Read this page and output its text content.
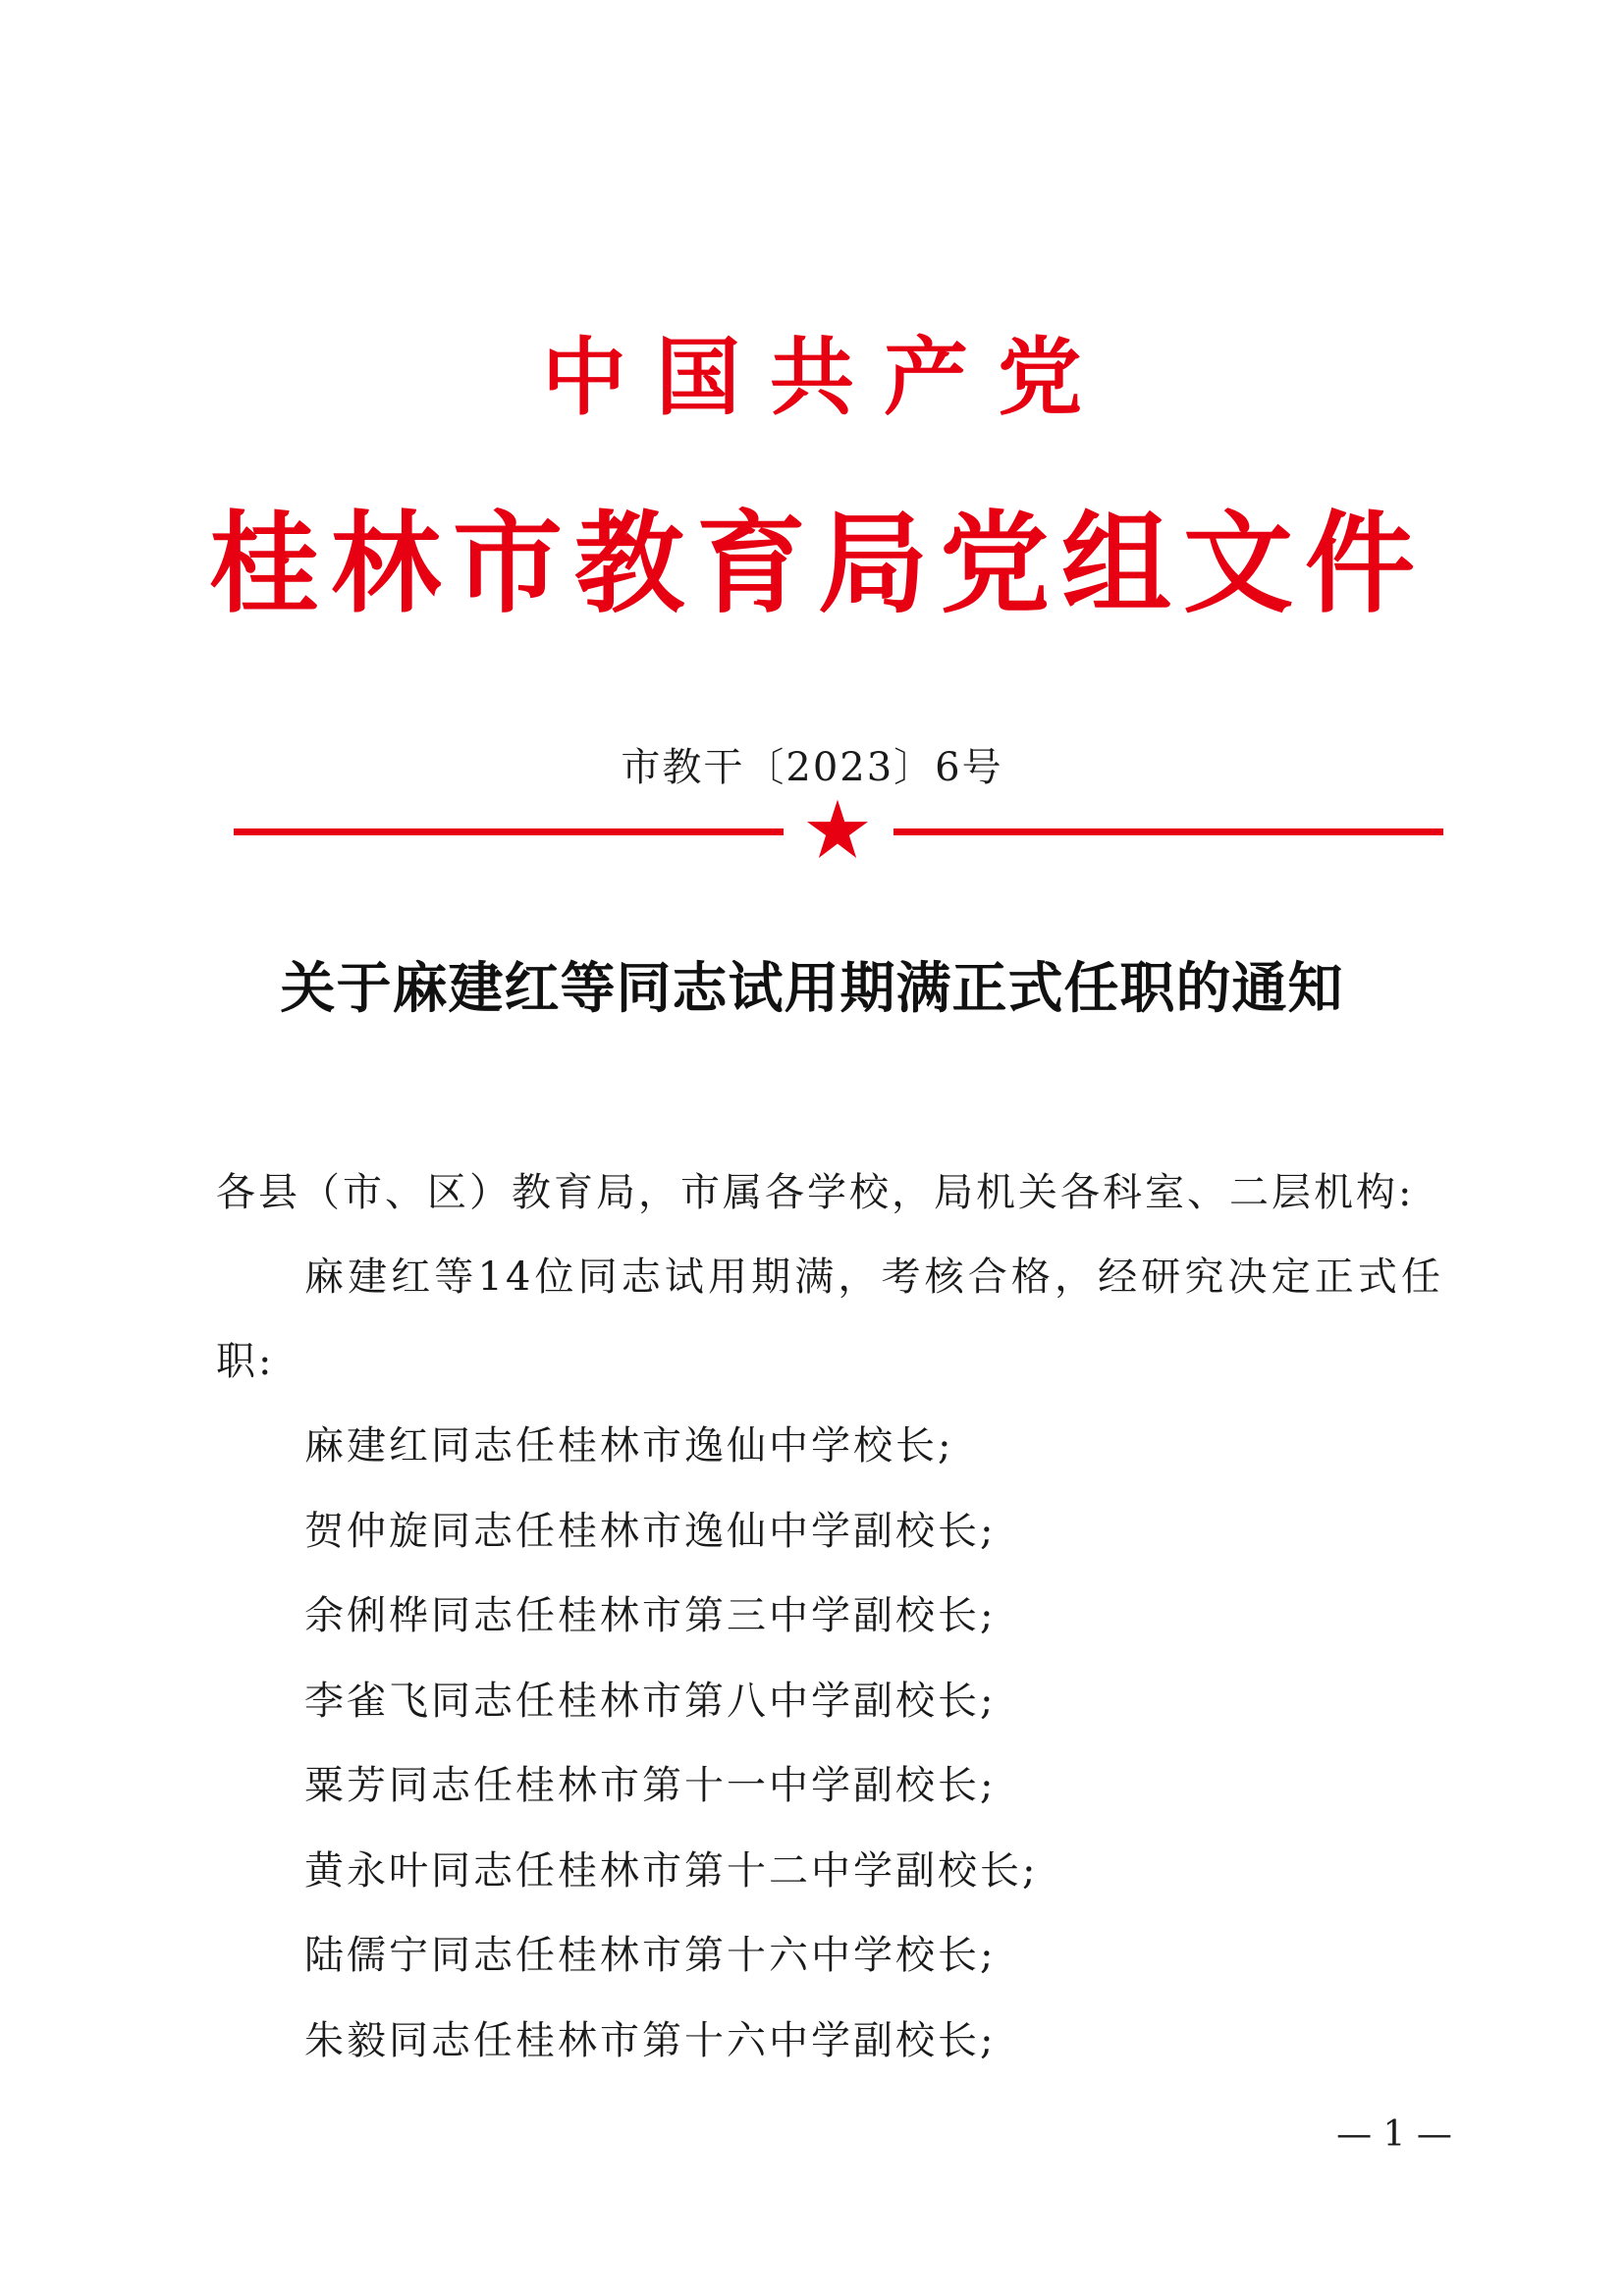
中国共产党
桂林市教育局党组文件
市教干〔2023〕6号
关于麻建红等同志试用期满正式任职的通知
各县（市、区）教育局，市属各学校，局机关各科室、二层机构:
麻建红等14位同志试用期满，考核合格，经研究决定正式任职:
麻建红同志任桂林市逸仙中学校长;
贺仲旋同志任桂林市逸仙中学副校长;
余俐桦同志任桂林市第三中学副校长;
李雀飞同志任桂林市第八中学副校长;
粟芳同志任桂林市第十一中学副校长;
黄永叶同志任桂林市第十二中学副校长;
陆儒宁同志任桂林市第十六中学校长;
朱毅同志任桂林市第十六中学副校长;
— 1 —
